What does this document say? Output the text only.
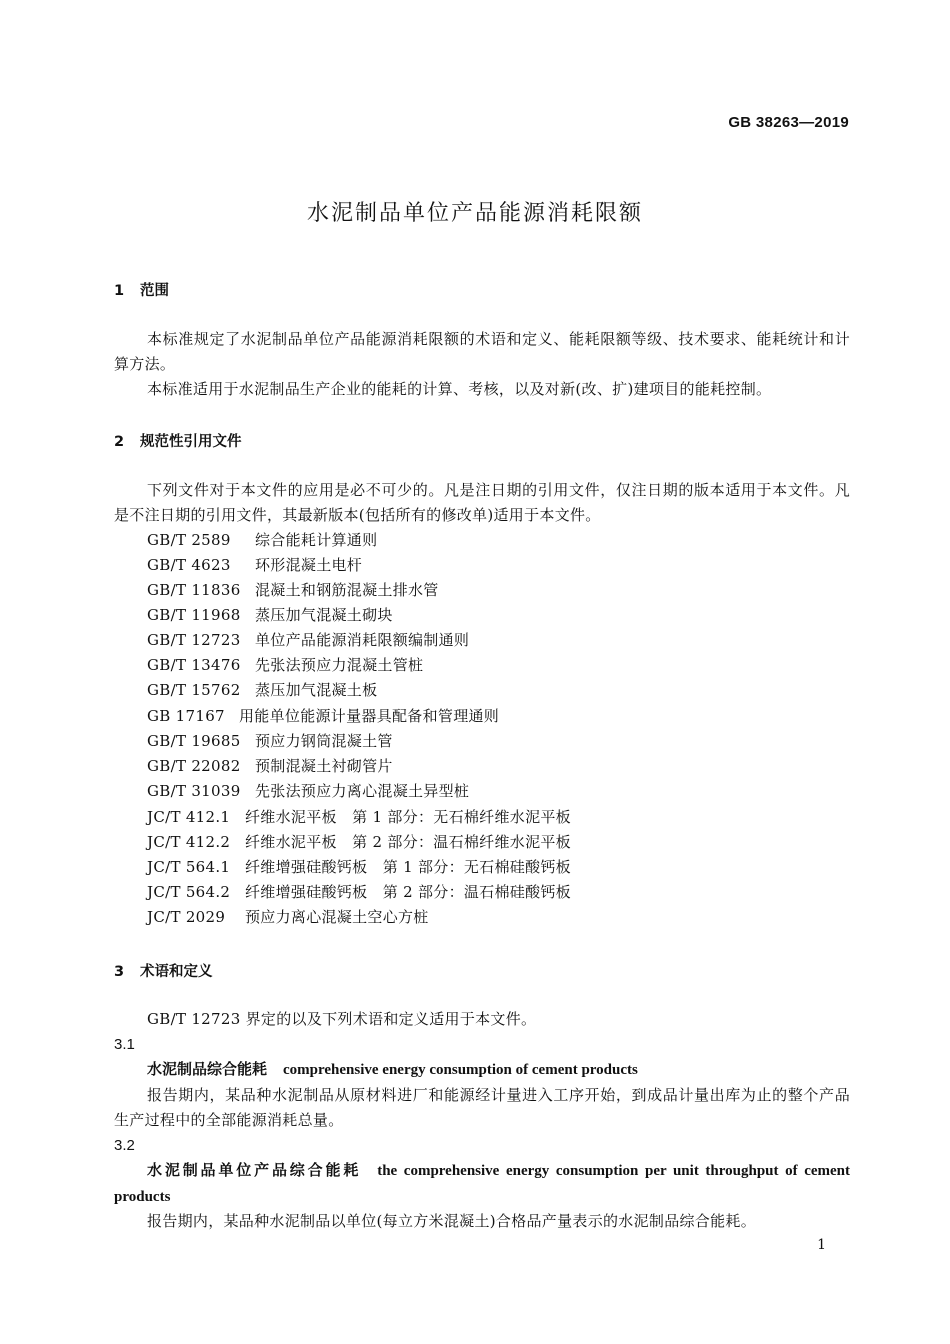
GB 38263—2019
水泥制品单位产品能源消耗限额
1 范围
本标准规定了水泥制品单位产品能源消耗限额的术语和定义、能耗限额等级、技术要求、能耗统计和计算方法。
本标准适用于水泥制品生产企业的能耗的计算、考核，以及对新(改、扩)建项目的能耗控制。
2 规范性引用文件
下列文件对于本文件的应用是必不可少的。凡是注日期的引用文件，仅注日期的版本适用于本文件。凡是不注日期的引用文件，其最新版本(包括所有的修改单)适用于本文件。
GB/T 2589 综合能耗计算通则
GB/T 4623 环形混凝土电杆
GB/T 11836 混凝土和钢筋混凝土排水管
GB/T 11968 蒸压加气混凝土砌块
GB/T 12723 单位产品能源消耗限额编制通则
GB/T 13476 先张法预应力混凝土管桩
GB/T 15762 蒸压加气混凝土板
GB 17167 用能单位能源计量器具配备和管理通则
GB/T 19685 预应力钢筒混凝土管
GB/T 22082 预制混凝土衬砌管片
GB/T 31039 先张法预应力离心混凝土异型桩
JC/T 412.1 纤维水泥平板　第 1 部分：无石棉纤维水泥平板
JC/T 412.2 纤维水泥平板　第 2 部分：温石棉纤维水泥平板
JC/T 564.1 纤维增强硅酸钙板　第 1 部分：无石棉硅酸钙板
JC/T 564.2 纤维增强硅酸钙板　第 2 部分：温石棉硅酸钙板
JC/T 2029 预应力离心混凝土空心方桩
3 术语和定义
GB/T 12723 界定的以及下列术语和定义适用于本文件。
3.1
水泥制品综合能耗 comprehensive energy consumption of cement products
报告期内，某品种水泥制品从原材料进厂和能源经计量进入工序开始，到成品计量出库为止的整个产品生产过程中的全部能源消耗总量。
3.2
水泥制品单位产品综合能耗 the comprehensive energy consumption per unit throughput of cement products
报告期内，某品种水泥制品以单位(每立方米混凝土)合格品产量表示的水泥制品综合能耗。
1
